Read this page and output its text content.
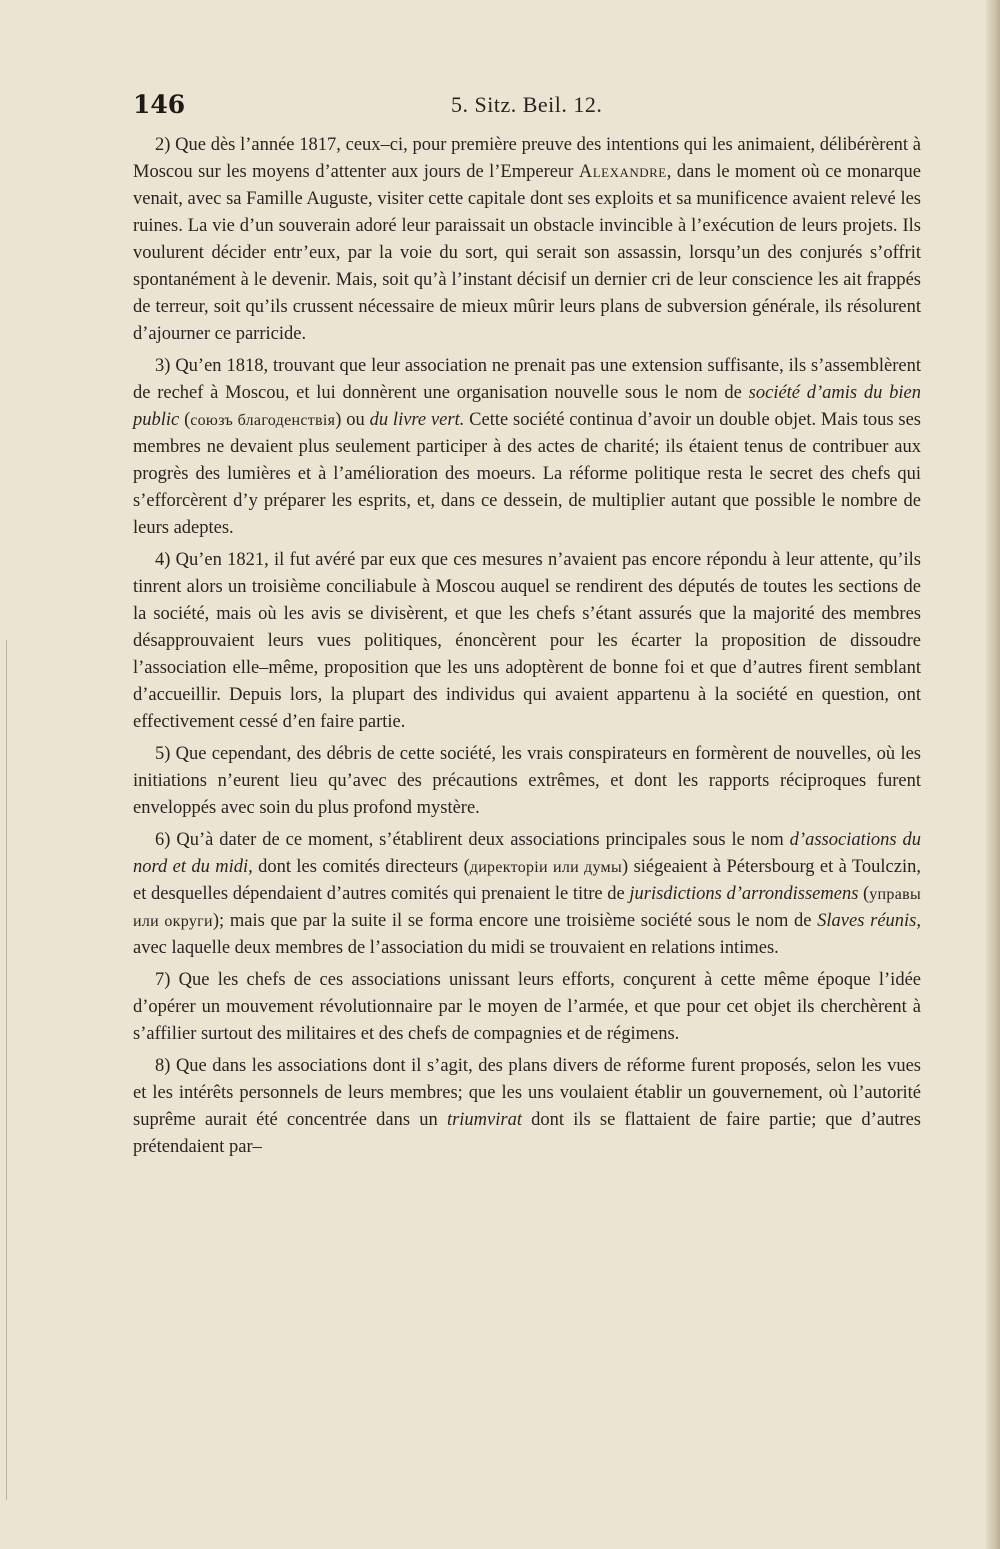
146	5. Sitz. Beil. 12.

2) Que dès l’année 1817, ceux–ci, pour première preuve des intentions qui les animaient, délibérèrent à Moscou sur les moyens d’attenter aux jours de l’Empereur Alexandre, dans le moment où ce monarque venait, avec sa Famille Auguste, visiter cette capitale dont ses exploits et sa munificence avaient relevé les ruines. La vie d’un souverain adoré leur paraissait un obstacle invincible à l’exécution de leurs projets. Ils voulurent décider entr’eux, par la voie du sort, qui serait son assassin, lorsqu’un des conjurés s’offrit spontanément à le devenir. Mais, soit qu’à l’instant décisif un dernier cri de leur conscience les ait frappés de terreur, soit qu’ils crussent nécessaire de mieux mûrir leurs plans de subversion générale, ils résolurent d’ajourner ce parricide.

3) Qu’en 1818, trouvant que leur association ne prenait pas une extension suffisante, ils s’assemblèrent de rechef à Moscou, et lui donnèrent une organisation nouvelle sous le nom de société d’amis du bien public (союзъ благоденствія) ou du livre vert. Cette société continua d’avoir un double objet. Mais tous ses membres ne devaient plus seulement participer à des actes de charité; ils étaient tenus de contribuer aux progrès des lumières et à l’amélioration des moeurs. La réforme politique resta le secret des chefs qui s’efforcèrent d’y préparer les esprits, et, dans ce dessein, de multiplier autant que possible le nombre de leurs adeptes.

4) Qu’en 1821, il fut avéré par eux que ces mesures n’avaient pas encore répondu à leur attente, qu’ils tinrent alors un troisième conciliabule à Moscou auquel se rendirent des députés de toutes les sections de la société, mais où les avis se divisèrent, et que les chefs s’étant assurés que la majorité des membres désapprouvaient leurs vues politiques, énoncèrent pour les écarter la proposition de dissoudre l’association elle–même, proposition que les uns adoptèrent de bonne foi et que d’autres firent semblant d’accueillir. Depuis lors, la plupart des individus qui avaient appartenu à la société en question, ont effectivement cessé d’en faire partie.

5) Que cependant, des débris de cette société, les vrais conspirateurs en formèrent de nouvelles, où les initiations n’eurent lieu qu’avec des précautions extrêmes, et dont les rapports réciproques furent enveloppés avec soin du plus profond mystère.

6) Qu’à dater de ce moment, s’établirent deux associations principales sous le nom d’associations du nord et du midi, dont les comités directeurs (директоріи или думы) siégeaient à Pétersbourg et à Toulczin, et desquelles dépendaient d’autres comités qui prenaient le titre de jurisdictions d’arrondissemens (управы или округи); mais que par la suite il se forma encore une troisième société sous le nom de Slaves réunis, avec laquelle deux membres de l’association du midi se trouvaient en relations intimes.

7) Que les chefs de ces associations unissant leurs efforts, conçurent à cette même époque l’idée d’opérer un mouvement révolutionnaire par le moyen de l’armée, et que pour cet objet ils cherchèrent à s’affilier surtout des militaires et des chefs de compagnies et de régimens.

8) Que dans les associations dont il s’agit, des plans divers de réforme furent proposés, selon les vues et les intérêts personnels de leurs membres; que les uns voulaient établir un gouvernement, où l’autorité suprême aurait été concentrée dans un triumvirat dont ils se flattaient de faire partie; que d’autres prétendaient par–
